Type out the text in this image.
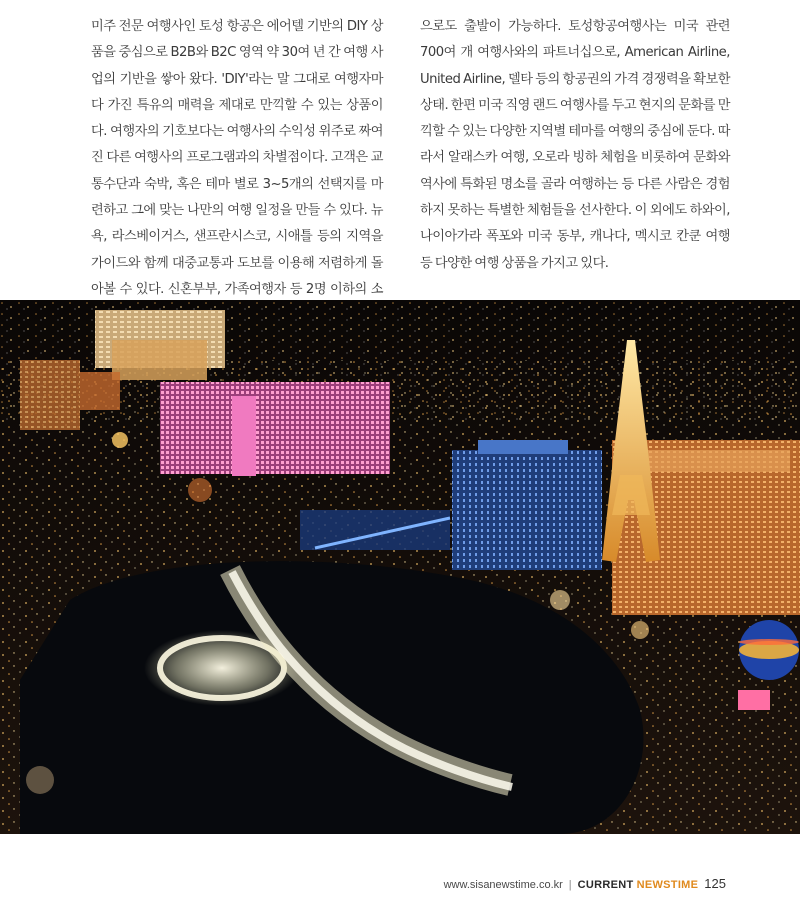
미주 전문 여행사인 토성 항공은 에어텔 기반의 DIY 상품을 중심으로 B2B와 B2C 영역 약 30여 년 간 여행 사업의 기반을 쌓아 왔다. 'DIY'라는 말 그대로 여행자마다 가진 특유의 매력을 제대로 만끽할 수 있는 상품이다. 여행자의 기호보다는 여행사의 수익성 위주로 짜여진 다른 여행사의 프로그램과의 차별점이다. 고객은 교통수단과 숙박, 혹은 테마 별로 3~5개의 선택지를 마련하고 그에 맞는 나만의 여행 일정을 만들 수 있다. 뉴욕, 라스베이거스, 샌프란시스코, 시애틀 등의 지역을 가이드와 함께 대중교통과 도보를 이용해 저렴하게 돌아볼 수 있다. 신혼부부, 가족여행자 등 2명 이하의 소

으로도 출발이 가능하다. 토성항공여행사는 미국 관련 700여 개 여행사와의 파트너십으로, American Airline, United Airline, 델타 등의 항공권의 가격 경쟁력을 확보한 상태. 한편 미국 직영 랜드 여행사를 두고 현지의 문화를 만끽할 수 있는 다양한 지역별 테마를 여행의 중심에 둔다. 따라서 알래스카 여행, 오로라 빙하 체험을 비롯하여 문화와 역사에 특화된 명소를 골라 여행하는 등 다른 사람은 경험하지 못하는 특별한 체험들을 선사한다. 이 외에도 하와이, 나이아가라 폭포와 미국 동부, 캐나다, 멕시코 칸쿤 여행 등 다양한 여행 상품을 가지고 있다.

www.sisanewstime.co.kr | CURRENT NEWSTIME 125
